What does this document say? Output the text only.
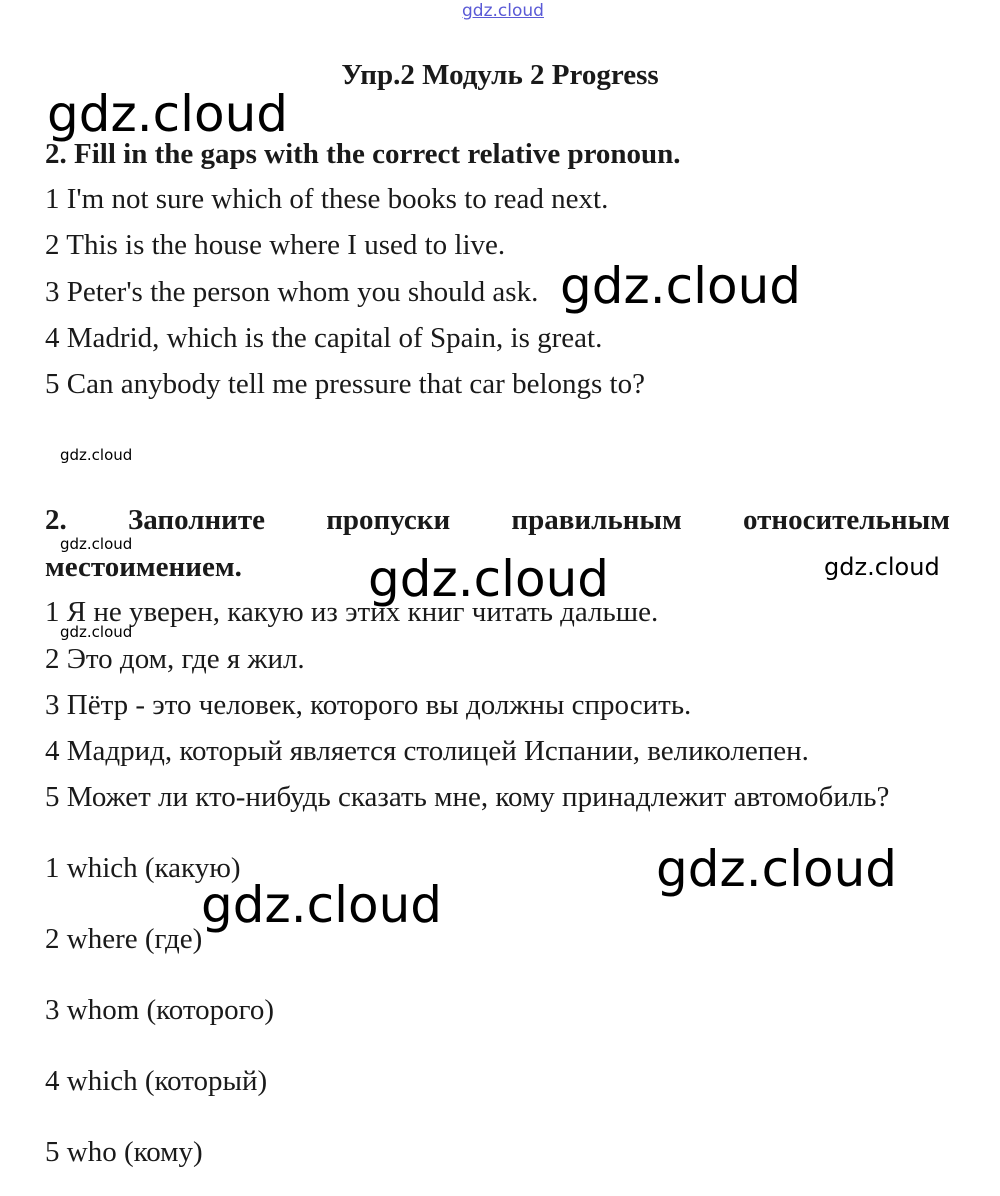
gdz.cloud
Упр.2 Модуль 2 Progress
2. Fill in the gaps with the correct relative pronoun.
1 I'm not sure which of these books to read next.
2 This is the house where I used to live.
3 Peter's the person whom you should ask.
4 Madrid, which is the capital of Spain, is great.
5 Can anybody tell me pressure that car belongs to?
2. Заполните пропуски правильным относительным
местоимением.
1 Я не уверен, какую из этих книг читать дальше.
2 Это дом, где я жил.
3 Пётр - это человек, которого вы должны спросить.
4 Мадрид, который является столицей Испании, великолепен.
5 Может ли кто-нибудь сказать мне, кому принадлежит автомобиль?
1 which (какую)
2 where (где)
3 whom (которого)
4 which (который)
5 who (кому)
gdz.cloud
gdz.cloud
gdz.cloud
gdz.cloud
gdz.cloud	gdz.cloud
gdz.cloud
gdz.cloud
gdz.cloud
